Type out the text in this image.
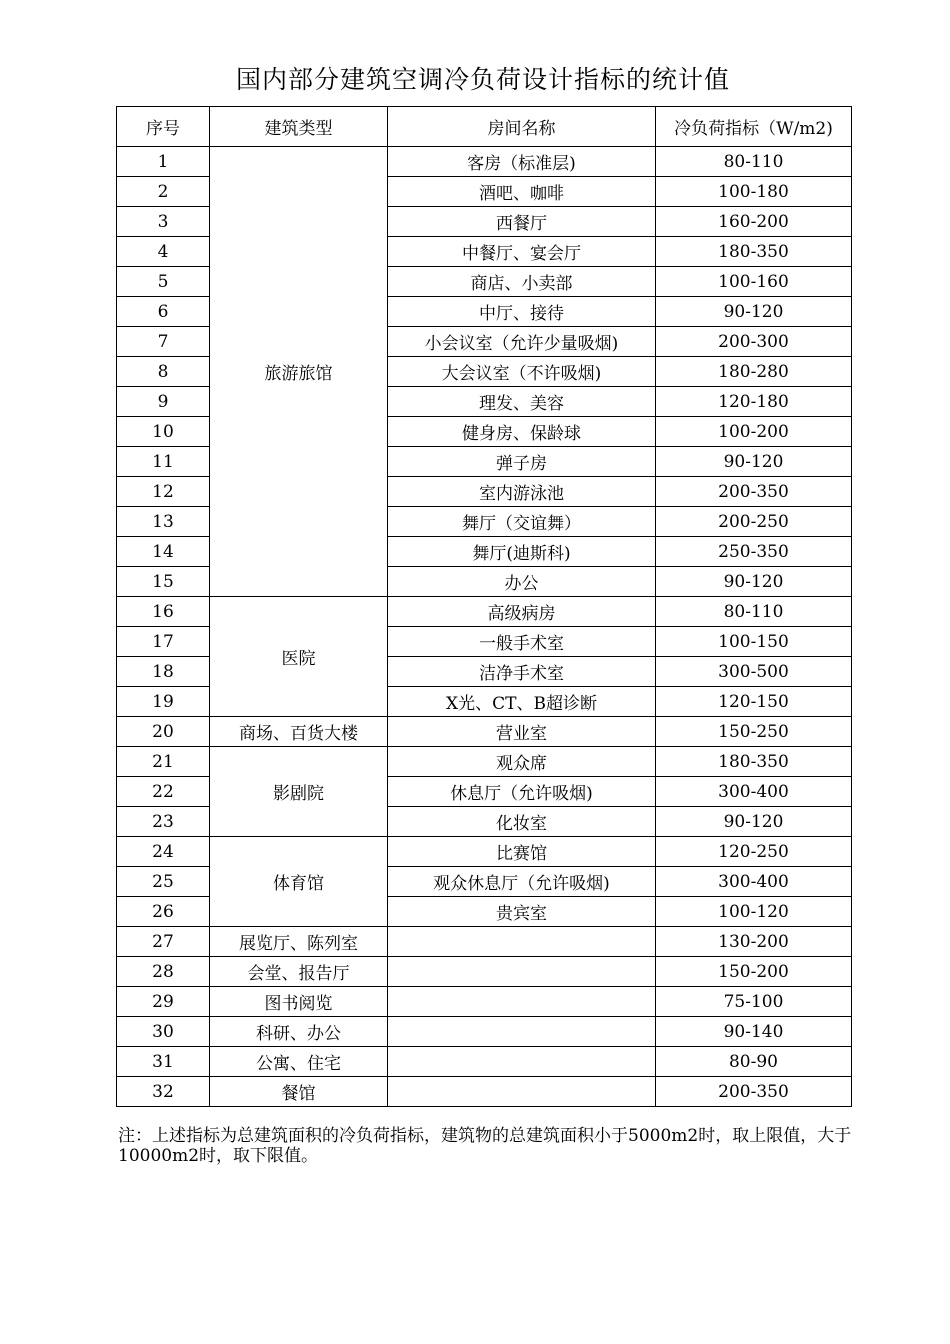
国内部分建筑空调冷负荷设计指标的统计值
序号	建筑类型	房间名称	冷负荷指标（W/m2)
1	旅游旅馆	客房（标准层)	80-110
2		酒吧、咖啡	100-180
3		西餐厅	160-200
4		中餐厅、宴会厅	180-350
5		商店、小卖部	100-160
6		中厅、接待	90-120
7		小会议室（允许少量吸烟)	200-300
8		大会议室（不许吸烟)	180-280
9		理发、美容	120-180
10		健身房、保龄球	100-200
11		弹子房	90-120
12		室内游泳池	200-350
13		舞厅（交谊舞）	200-250
14		舞厅(迪斯科)	250-350
15		办公	90-120
16	医院	高级病房	80-110
17		一般手术室	100-150
18		洁净手术室	300-500
19		X光、CT、B超诊断	120-150
20	商场、百货大楼	营业室	150-250
21	影剧院	观众席	180-350
22		休息厅（允许吸烟)	300-400
23		化妆室	90-120
24	体育馆	比赛馆	120-250
25		观众休息厅（允许吸烟)	300-400
26		贵宾室	100-120
27	展览厅、陈列室		130-200
28	会堂、报告厅		150-200
29	图书阅览		75-100
30	科研、办公		90-140
31	公寓、住宅		80-90
32	餐馆		200-350
注：上述指标为总建筑面积的冷负荷指标，建筑物的总建筑面积小于5000m2时，取上限值，大于10000m2时，取下限值。
